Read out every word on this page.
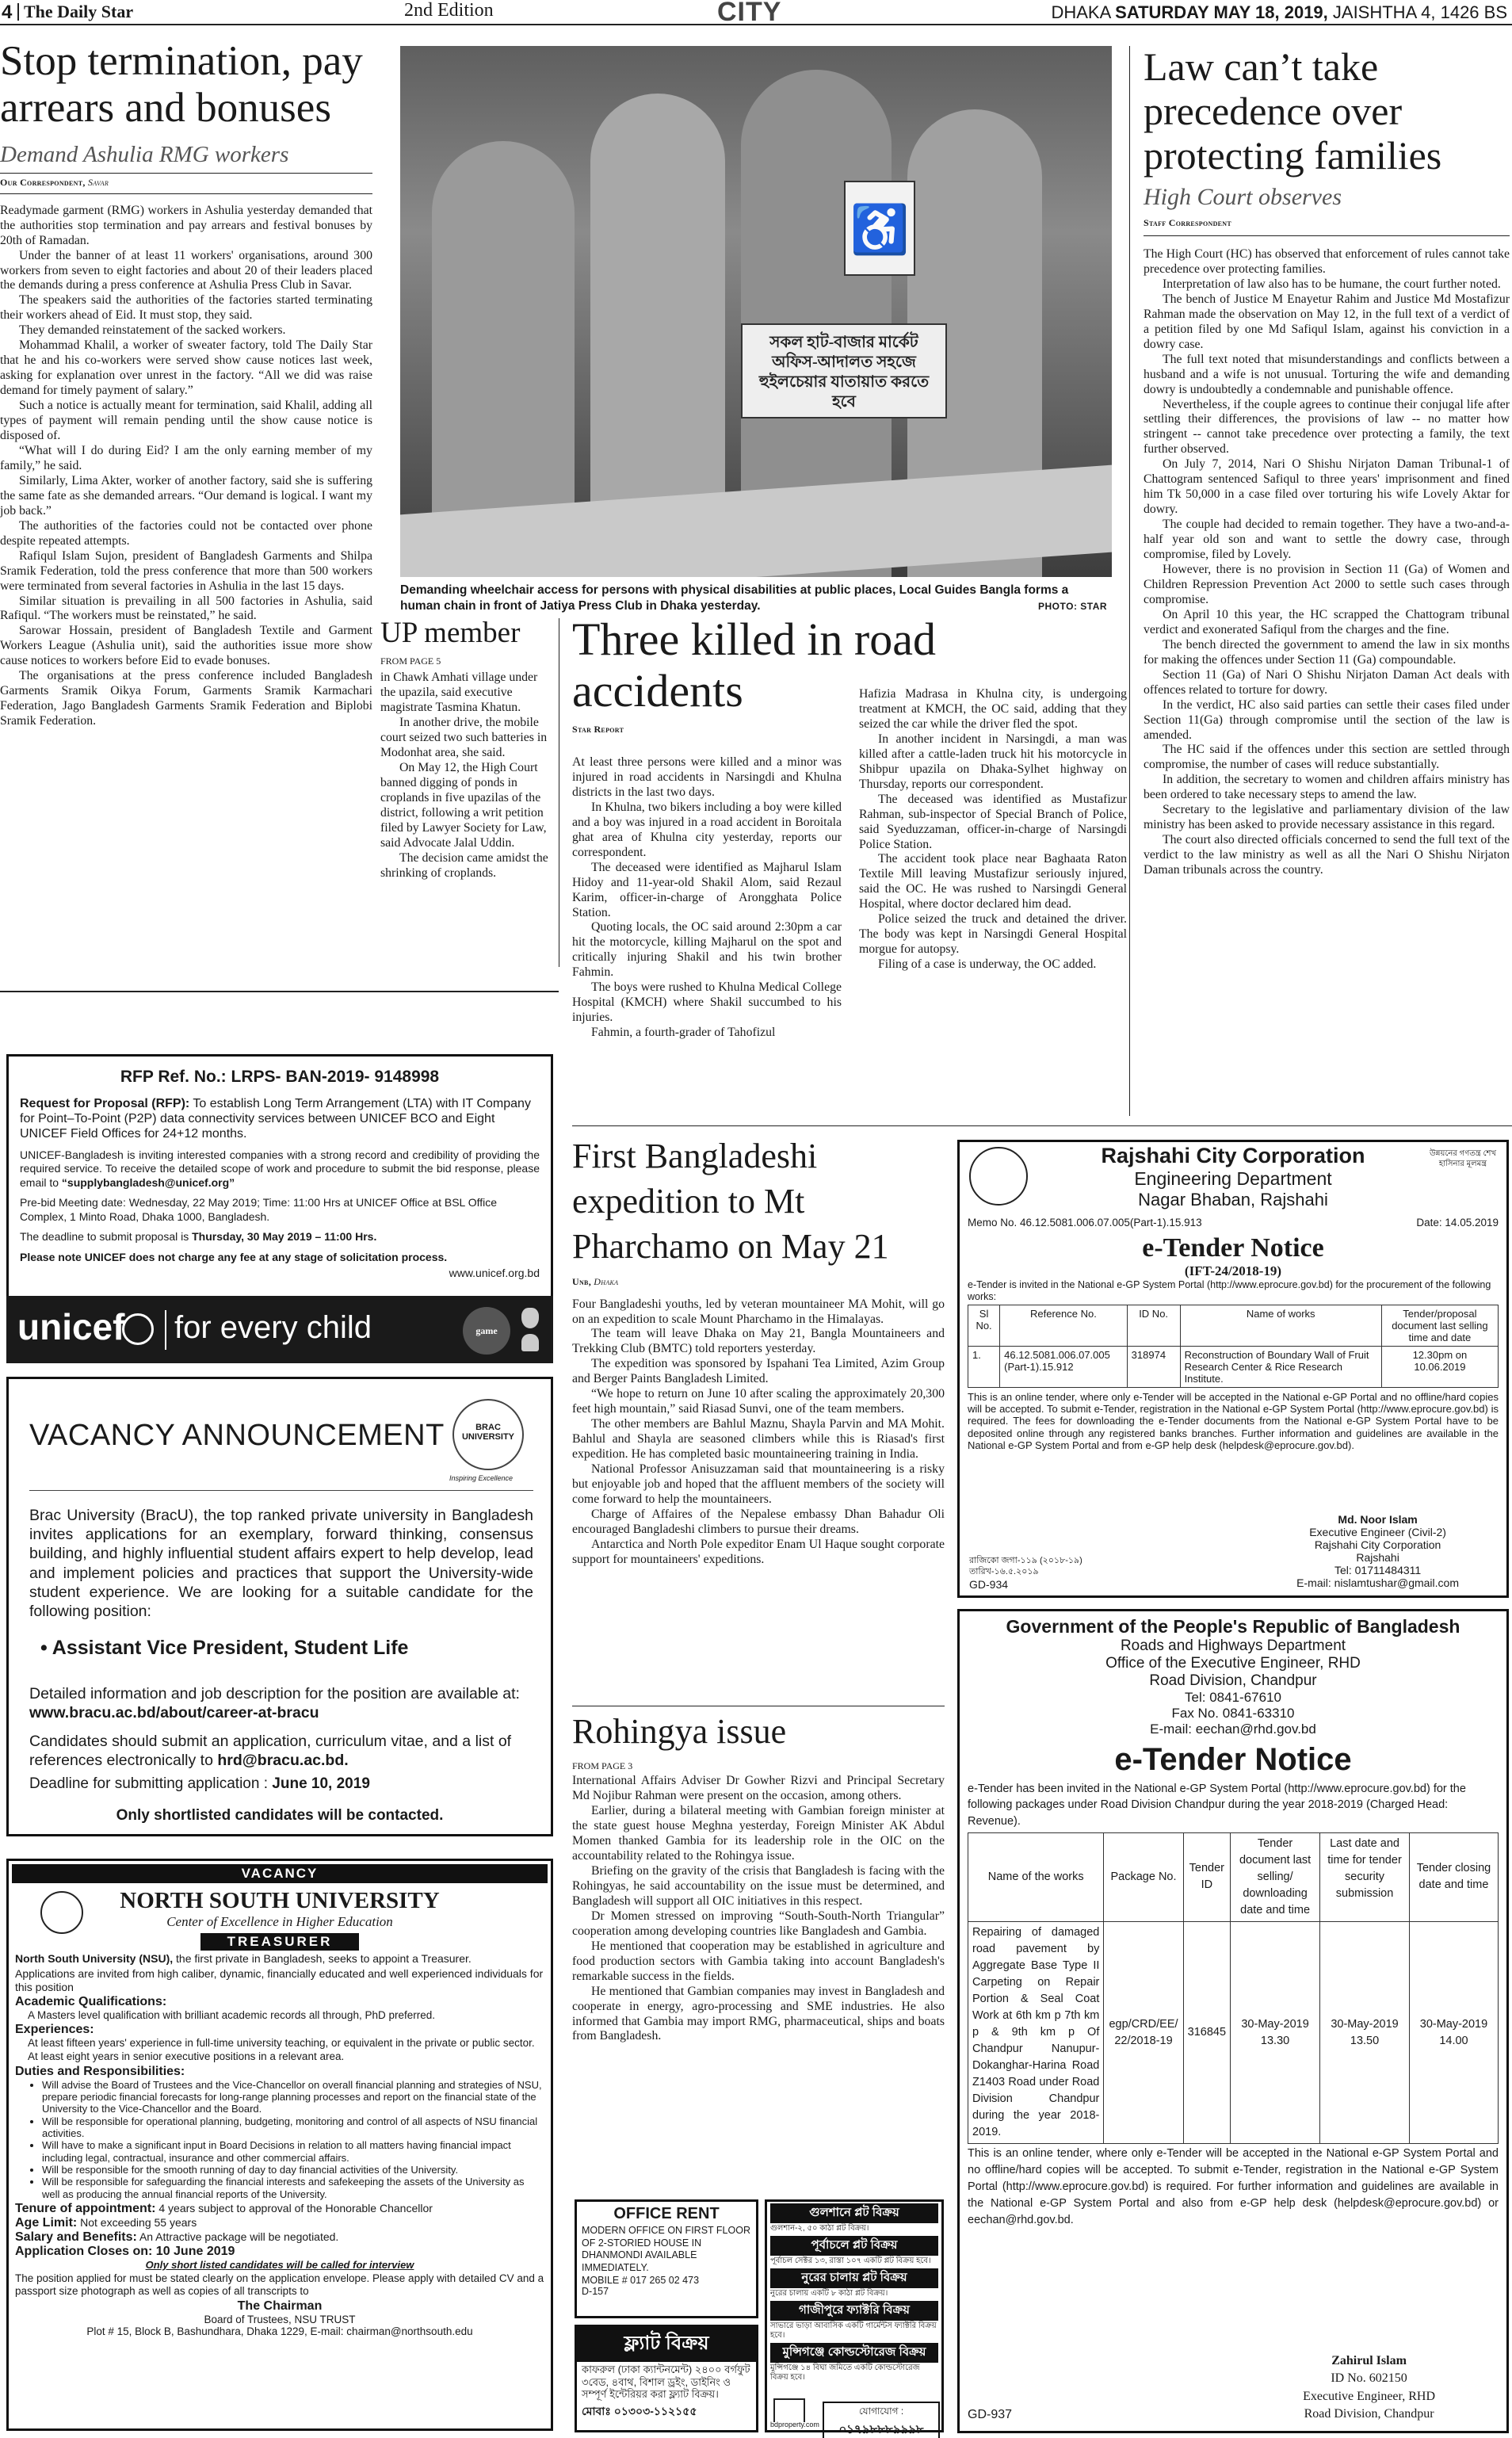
4 The Daily Star	2nd Edition	CITY	DHAKA SATURDAY MAY 18, 2019, JAISHTHA 4, 1426 BS
Stop termination, pay arrears and bonuses
Demand Ashulia RMG workers
Our Correspondent, Savar

Readymade garment (RMG) workers in Ashulia yesterday demanded that the authorities stop termination and pay arrears and festival bonuses by 20th of Ramadan.

Under the banner of at least 11 workers' organisations, around 300 workers from seven to eight factories and about 20 of their leaders placed the demands during a press conference at Ashulia Press Club in Savar.

The speakers said the authorities of the factories started terminating their workers ahead of Eid. It must stop, they said.

They demanded reinstatement of the sacked workers.

Mohammad Khalil, a worker of sweater factory, told The Daily Star that he and his co-workers were served show cause notices last week, asking for explanation over unrest in the factory. “All we did was raise demand for timely payment of salary.”

Such a notice is actually meant for termination, said Khalil, adding all types of payment will remain pending until the show cause notice is disposed of.

“What will I do during Eid? I am the only earning member of my family,” he said.

Similarly, Lima Akter, worker of another factory, said she is suffering the same fate as she demanded arrears. “Our demand is logical. I want my job back.”

The authorities of the factories could not be contacted over phone despite repeated attempts.

Rafiqul Islam Sujon, president of Bangladesh Garments and Shilpa Sramik Federation, told the press conference that more than 500 workers were terminated from several factories in Ashulia in the last 15 days.

Similar situation is prevailing in all 500 factories in Ashulia, said Rafiqul. “The workers must be reinstated,” he said.

Sarowar Hossain, president of Bangladesh Textile and Garment Workers League (Ashulia unit), said the authorities issue more show cause notices to workers before Eid to evade bonuses.

The organisations at the press conference included Bangladesh Garments Sramik Oikya Forum, Garments Sramik Karmachari Federation, Jago Bangladesh Garments Sramik Federation and Biplobi Sramik Federation.

সকল হাট-বাজার মার্কেট অফিস-আদালত সহজে হুইলচেয়ার যাতায়াত করতে হবে
♿
Demanding wheelchair access for persons with physical disabilities at public places, Local Guides Bangla forms a human chain in front of Jatiya Press Club in Dhaka yesterday.	PHOTO: STAR
Law can’t take precedence over protecting families
High Court observes
Staff Correspondent

The High Court (HC) has observed that enforcement of rules cannot take precedence over protecting families.

Interpretation of law also has to be humane, the court further noted.

The bench of Justice M Enayetur Rahim and Justice Md Mostafizur Rahman made the observation on May 12, in the full text of a verdict of a petition filed by one Md Safiqul Islam, against his conviction in a dowry case.

The full text noted that misunderstandings and conflicts between a husband and a wife is not unusual. Torturing the wife and demanding dowry is undoubtedly a condemnable and punishable offence.

Nevertheless, if the couple agrees to continue their conjugal life after settling their differences, the provisions of law -- no matter how stringent -- cannot take precedence over protecting a family, the text further observed.

On July 7, 2014, Nari O Shishu Nirjaton Daman Tribunal-1 of Chattogram sentenced Safiqul to three years' imprisonment and fined him Tk 50,000 in a case filed over torturing his wife Lovely Aktar for dowry.

The couple had decided to remain together. They have a two-and-a-half year old son and want to settle the dowry case, through compromise, filed by Lovely.

However, there is no provision in Section 11 (Ga) of Women and Children Repression Prevention Act 2000 to settle such cases through compromise.

On April 10 this year, the HC scrapped the Chattogram tribunal verdict and exonerated Safiqul from the charges and the fine.

The bench directed the government to amend the law in six months for making the offences under Section 11 (Ga) compoundable.

Section 11 (Ga) of Nari O Shishu Nirjaton Daman Act deals with offences related to torture for dowry.

In the verdict, HC also said parties can settle their cases filed under Section 11(Ga) through compromise until the section of the law is amended.

The HC said if the offences under this section are settled through compromise, the number of cases will reduce substantially.

In addition, the secretary to women and children affairs ministry has been ordered to take necessary steps to amend the law.

Secretary to the legislative and parliamentary division of the law ministry has been asked to provide necessary assistance in this regard.

The court also directed officials concerned to send the full text of the verdict to the law ministry as well as all the Nari O Shishu Nirjaton Daman tribunals across the country.

UP member
FROM PAGE 5

in Chawk Amhati village under the upazila, said executive magistrate Tasmina Khatun.

In another drive, the mobile court seized two such batteries in Modonhat area, she said.

On May 12, the High Court banned digging of ponds in croplands in five upazilas of the district, following a writ petition filed by Lawyer Society for Law, said Advocate Jalal Uddin.

The decision came amidst the shrinking of croplands.

Three killed in road accidents
Star Report

At least three persons were killed and a minor was injured in road accidents in Narsingdi and Khulna districts in the last two days.

In Khulna, two bikers including a boy were killed and a boy was injured in a road accident in Boroitala ghat area of Khulna city yesterday, reports our correspondent.

The deceased were identified as Majharul Islam Hidoy and 11-year-old Shakil Alom, said Rezaul Karim, officer-in-charge of Arongghata Police Station.

Quoting locals, the OC said around 2:30pm a car hit the motorcycle, killing Majharul on the spot and critically injuring Shakil and his twin brother Fahmin.

The boys were rushed to Khulna Medical College Hospital (KMCH) where Shakil succumbed to his injuries.

Fahmin, a fourth-grader of Tahofizul

Hafizia Madrasa in Khulna city, is undergoing treatment at KMCH, the OC said, adding that they seized the car while the driver fled the spot.

In another incident in Narsingdi, a man was killed after a cattle-laden truck hit his motorcycle in Shibpur upazila on Dhaka-Sylhet highway on Thursday, reports our correspondent.

The deceased was identified as Mustafizur Rahman, sub-inspector of Special Branch of Police, said Syeduzzaman, officer-in-charge of Narsingdi Police Station.

The accident took place near Baghaata Raton Textile Mill leaving Mustafizur seriously injured, said the OC. He was rushed to Narsingdi General Hospital, where doctor declared him dead.

Police seized the truck and detained the driver. The body was kept in Narsingdi General Hospital morgue for autopsy.

Filing of a case is underway, the OC added.

RFP Ref. No.: LRPS- BAN-2019- 9148998
Request for Proposal (RFP): To establish Long Term Arrangement (LTA) with IT Company for Point–To-Point (P2P) data connectivity services between UNICEF BCO and Eight UNICEF Field Offices for 24+12 months.
UNICEF-Bangladesh is inviting interested companies with a strong record and credibility of providing the required service. To receive the detailed scope of work and procedure to submit the bid response, please email to “supplybangladesh@unicef.org”
Pre-bid Meeting date: Wednesday, 22 May 2019; Time: 11:00 Hrs at UNICEF Office at BSL Office Complex, 1 Minto Road, Dhaka 1000, Bangladesh.
The deadline to submit proposal is Thursday, 30 May 2019 – 11:00 Hrs.
Please note UNICEF does not charge any fee at any stage of solicitation process.
www.unicef.org.bd
unicef for every child	game
VACANCY ANNOUNCEMENT	BRAC UNIVERSITY
Inspiring Excellence
Brac University (BracU), the top ranked private university in Bangladesh invites applications for an exemplary, forward thinking, consensus building, and highly influential student affairs expert to help develop, lead and implement policies and practices that support the University-wide student experience. We are looking for a suitable candidate for the following position:
• Assistant Vice President, Student Life
Detailed information and job description for the position are available at: www.bracu.ac.bd/about/career-at-bracu
Candidates should submit an application, curriculum vitae, and a list of references electronically to hrd@bracu.ac.bd.
Deadline for submitting application : June 10, 2019
Only shortlisted candidates will be contacted.
VACANCY
NORTH SOUTH UNIVERSITY
Center of Excellence in Higher Education
TREASURER
North South University (NSU), the first private in Bangladesh, seeks to appoint a Treasurer.
Applications are invited from high caliber, dynamic, financially educated and well experienced individuals for this position
Academic Qualifications:
A Masters level qualification with brilliant academic records all through, PhD preferred.
Experiences:
At least fifteen years' experience in full-time university teaching, or equivalent in the private or public sector. At least eight years in senior executive positions in a relevant area.
Duties and Responsibilities:
• Will advise the Board of Trustees and the Vice-Chancellor on overall financial planning and strategies of NSU, prepare periodic financial forecasts for long-range planning processes and report on the financial state of the University to the Vice-Chancellor and the Board.
• Will be responsible for operational planning, budgeting, monitoring and control of all aspects of NSU financial activities.
• Will have to make a significant input in Board Decisions in relation to all matters having financial impact including legal, contractual, insurance and other commercial affairs.
• Will be responsible for the smooth running of day to day financial activities of the University.
• Will be responsible for safeguarding the financial interests and safekeeping the assets of the University as well as producing the annual financial reports of the University.
Tenure of appointment: 4 years subject to approval of the Honorable Chancellor
Age Limit: Not exceeding 55 years
Salary and Benefits: An Attractive package will be negotiated.
Application Closes on: 10 June 2019
Only short listed candidates will be called for interview
The position applied for must be stated clearly on the application envelope. Please apply with detailed CV and a passport size photograph as well as copies of all transcripts to
The Chairman
Board of Trustees, NSU TRUST
Plot # 15, Block B, Bashundhara, Dhaka 1229, E-mail: chairman@northsouth.edu
First Bangladeshi expedition to Mt Pharchamo on May 21
Unb, Dhaka

Four Bangladeshi youths, led by veteran mountaineer MA Mohit, will go on an expedition to scale Mount Pharchamo in the Himalayas.

The team will leave Dhaka on May 21, Bangla Mountaineers and Trekking Club (BMTC) told reporters yesterday.

The expedition was sponsored by Ispahani Tea Limited, Azim Group and Berger Paints Bangladesh Limited.

“We hope to return on June 10 after scaling the approximately 20,300 feet high mountain,” said Riasad Sunvi, one of the team members.

The other members are Bahlul Maznu, Shayla Parvin and MA Mohit. Bahlul and Shayla are seasoned climbers while this is Riasad's first expedition. He has completed basic mountaineering training in India.

National Professor Anisuzzaman said that mountaineering is a risky but enjoyable job and hoped that the affluent members of the society will come forward to help the mountaineers.

Charge of Affaires of the Nepalese embassy Dhan Bahadur Oli encouraged Bangladeshi climbers to pursue their dreams.

Antarctica and North Pole expeditor Enam Ul Haque sought corporate support for mountaineers' expeditions.

Rohingya issue
FROM PAGE 3

International Affairs Adviser Dr Gowher Rizvi and Principal Secretary Md Nojibur Rahman were present on the occasion, among others.

Earlier, during a bilateral meeting with Gambian foreign minister at the state guest house Meghna yesterday, Foreign Minister AK Abdul Momen thanked Gambia for its leadership role in the OIC on the accountability related to the Rohingya issue.

Briefing on the gravity of the crisis that Bangladesh is facing with the Rohingyas, he said accountability on the issue must be determined, and Bangladesh will support all OIC initiatives in this respect.

Dr Momen stressed on improving “South-South-North Triangular” cooperation among developing countries like Bangladesh and Gambia.

He mentioned that cooperation may be established in agriculture and food production sectors with Gambia taking into account Bangladesh's remarkable success in the fields.

He mentioned that Gambian companies may invest in Bangladesh and cooperate in energy, agro-processing and SME industries. He also informed that Gambia may import RMG, pharmaceutical, ships and boats from Bangladesh.

উন্নয়নের গণতন্ত্র শেখ হাসিনার মূলমন্ত্র
Rajshahi City Corporation
Engineering Department
Nagar Bhaban, Rajshahi
Memo No. 46.12.5081.006.07.005(Part-1).15.913	Date: 14.05.2019
e-Tender Notice
(IFT-24/2018-19)
e-Tender is invited in the National e-GP System Portal (http://www.eprocure.gov.bd) for the procurement of the following works:
Sl No.	Reference No.	ID No.	Name of works	Tender/proposal document last selling time and date
1.	46.12.5081.006.07.005 (Part-1).15.912	318974	Reconstruction of Boundary Wall of Fruit Research Center & Rice Research Institute.	12.30pm on 10.06.2019
This is an online tender, where only e-Tender will be accepted in the National e-GP Portal and no offline/hard copies will be accepted. To submit e-Tender, registration in the National e-GP System Portal (http://www.eprocure.gov.bd) is required. The fees for downloading the e-Tender documents from the National e-GP System Portal have to be deposited online through any registered banks branches. Further information and guidelines are available in the National e-GP System Portal and from e-GP help desk (helpdesk@eprocure.gov.bd).
Md. Noor Islam
Executive Engineer (Civil-2)
Rajshahi City Corporation
Rajshahi
Tel: 01711484311
E-mail: nislamtushar@gmail.com
রাজিকো জগা-১১৯ (২০১৮-১৯)
তারিখ-১৬.৫.২০১৯
GD-934
Government of the People's Republic of Bangladesh
Roads and Highways Department
Office of the Executive Engineer, RHD
Road Division, Chandpur
Tel: 0841-67610
Fax No. 0841-63310
E-mail: eechan@rhd.gov.bd
e-Tender Notice
e-Tender has been invited in the National e-GP System Portal (http://www.eprocure.gov.bd) for the following packages under Road Division Chandpur during the year 2018-2019 (Charged Head: Revenue).
Name of the works	Package No.	Tender ID	Tender document last selling/ downloading date and time	Last date and time for tender security submission	Tender closing date and time
Repairing of damaged road pavement by Aggregate Base Type II Carpeting on Repair Portion & Seal Coat Work at 6th km p 7th km p & 9th km p Of Chandpur Nanupur-Dokanghar-Harina Road Z1403 Road under Road Division Chandpur during the year 2018-2019.	egp/CRD/EE/ 22/2018-19	316845	30-May-2019 13.30	30-May-2019 13.50	30-May-2019 14.00
This is an online tender, where only e-Tender will be accepted in the National e-GP System Portal and no offline/hard copies will be accepted. To submit e-Tender, registration in the National e-GP System Portal (http://www.eprocure.gov.bd) is required. For further information and guidelines are available in the National e-GP System Portal and also from e-GP help desk (helpdesk@eprocure.gov.bd) or eechan@rhd.gov.bd.
Zahirul Islam
ID No. 602150
Executive Engineer, RHD
Road Division, Chandpur
GD-937
OFFICE RENT
MODERN OFFICE ON FIRST FLOOR OF 2-STORIED HOUSE IN DHANMONDI AVAILABLE IMMEDIATELY.
MOBILE # 017 265 02 473
D-157
ফ্ল্যাট বিক্রয়
কাফরুল (ঢাকা ক্যান্টনমেন্ট) ২৪০০ বর্গফুট ৩বেড, ৪বাথ, বিশাল ড্রইং, ডাইনিং ও সম্পূর্ণ ইন্টেরিয়র করা ফ্ল্যাট বিক্রয়।
মোবাঃ ০১৩০৩-১১২১৫৫
গুলশানে প্লট বিক্রয়
গুলশান-২, ৫০ কাঠা প্লট বিক্রয়।
পূর্বাচলে প্লট বিক্রয়
পূর্বাচল সেক্টর ১৩, রাস্তা ১০৭ একটি প্লট বিক্রয় হবে।
নুরের চালায় প্লট বিক্রয়
নুরের চালায় একটি ৮ কাঠা প্লট বিক্রয়।
গাজীপুরে ফ্যাক্টরি বিক্রয়
সাভারে ভাড়া আবাসিক একটি গার্মেন্টস ফ্যাক্টরি বিক্রয় হবে।
মুন্সিগঞ্জে কোল্ডস্টোরেজ বিক্রয়
মুন্সিগঞ্জে ১৪ বিঘা জমিতে একটি কোল্ডস্টোরেজ বিক্রয় হবে।
bdproperty.com
যোগাযোগ :
০১৭৯৮৮৮৯৯৯৮
